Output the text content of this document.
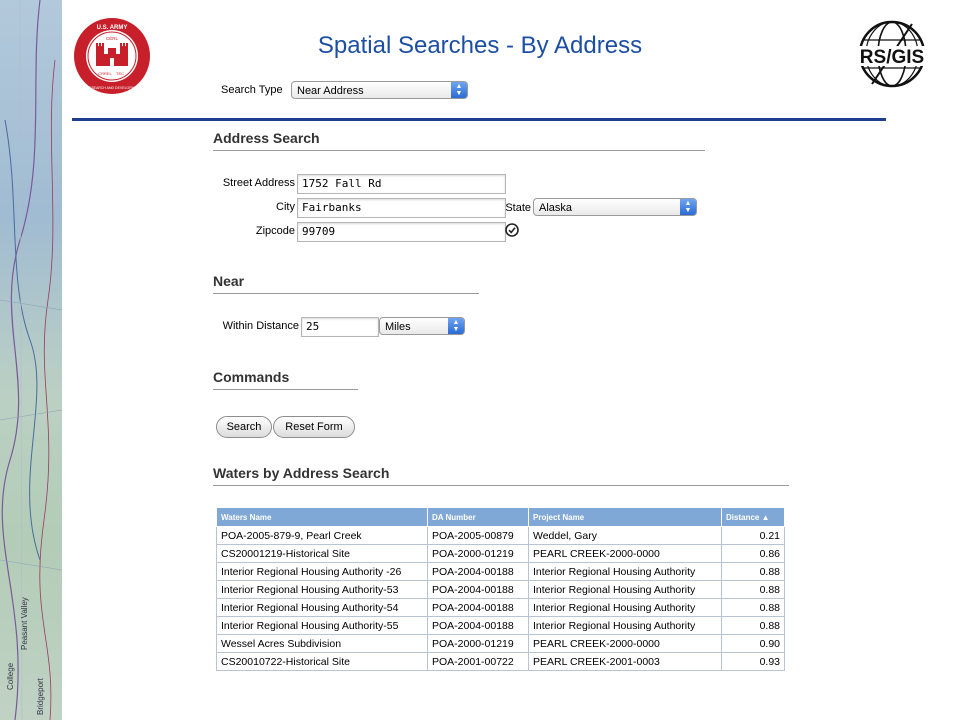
College
Peasant Valley
Bridgeport
U.S. ARMY
CERL
CRREL TEC
ENGINEER RESEARCH AND DEVELOPMENT CENTER
Spatial Searches - By Address	RS/GIS
Search Type	Near Address	▲
▼
Address Search
Street Address 1752 Fall Rd
City Fairbanks	State Alaska	▲
▼
Zipcode 99709
Near
Within Distance 25	Miles	▲
▼
Commands
Search	Reset Form
Waters by Address Search
Waters Name	DA Number	Project Name	Distance ▲
POA-2005-879-9, Pearl Creek	POA-2005-00879	Weddel, Gary	0.21
CS20001219-Historical Site	POA-2000-01219	PEARL CREEK-2000-0000	0.86
Interior Regional Housing Authority -26	POA-2004-00188	Interior Regional Housing Authority	0.88
Interior Regional Housing Authority-53	POA-2004-00188	Interior Regional Housing Authority	0.88
Interior Regional Housing Authority-54	POA-2004-00188	Interior Regional Housing Authority	0.88
Interior Regional Housing Authority-55	POA-2004-00188	Interior Regional Housing Authority	0.88
Wessel Acres Subdivision	POA-2000-01219	PEARL CREEK-2000-0000	0.90
CS20010722-Historical Site	POA-2001-00722	PEARL CREEK-2001-0003	0.93
